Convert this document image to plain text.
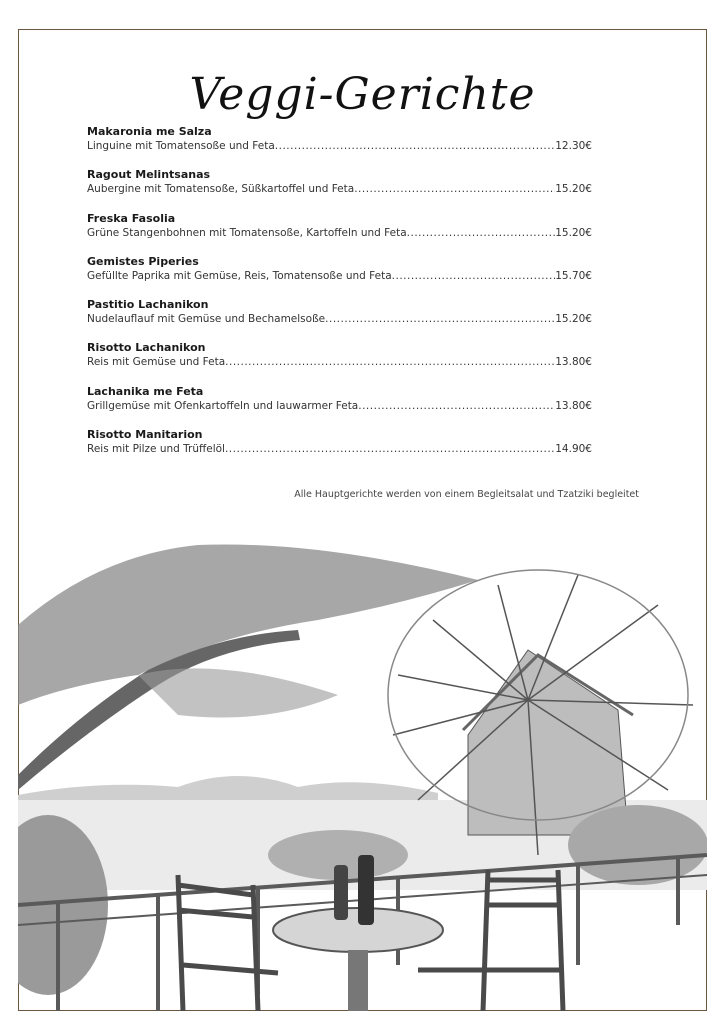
Veggi-Gerichte
Makaronia me Salza
Linguine mit Tomatensoße und Feta .....	12.30€
Ragout Melintsanas
Aubergine mit Tomatensoße, Süßkartoffel und Feta .....	15.20€
Freska Fasolia
Grüne Stangenbohnen mit Tomatensoße, Kartoffeln und Feta .....	15.20€
Gemistes Piperies
Gefüllte Paprika mit Gemüse, Reis, Tomatensoße und Feta .....	15.70€
Pastitio Lachanikon
Nudelauflauf mit Gemüse und Bechamelsoße .....	15.20€
Risotto Lachanikon
Reis mit Gemüse und Feta .....	13.80€
Lachanika me Feta
Grillgemüse mit Ofenkartoffeln und lauwarmer Feta .....	13.80€
Risotto Manitarion
Reis mit Pilze und Trüffelöl .....	14.90€
Alle Hauptgerichte werden von einem Begleitsalat und Tzatziki begleitet
